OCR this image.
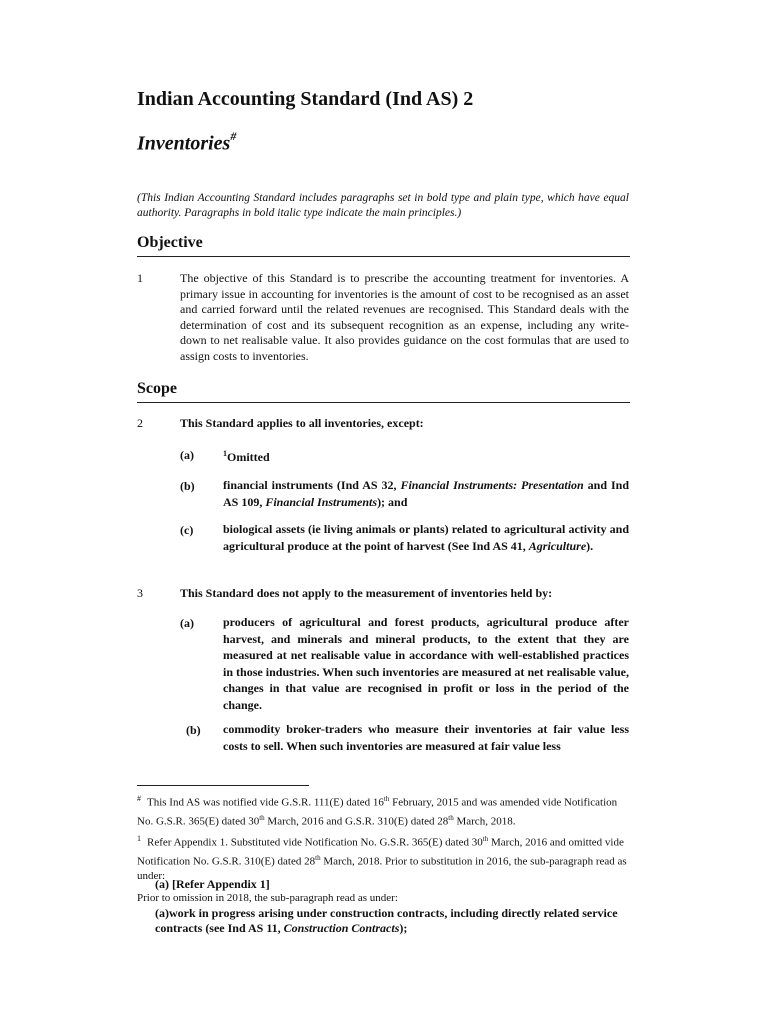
Indian Accounting Standard (Ind AS) 2
Inventories#
(This Indian Accounting Standard includes paragraphs set in bold type and plain type, which have equal authority. Paragraphs in bold italic type indicate the main principles.)
Objective
1	The objective of this Standard is to prescribe the accounting treatment for inventories. A primary issue in accounting for inventories is the amount of cost to be recognised as an asset and carried forward until the related revenues are recognised. This Standard deals with the determination of cost and its subsequent recognition as an expense, including any write-down to net realisable value. It also provides guidance on the cost formulas that are used to assign costs to inventories.
Scope
2	This Standard applies to all inventories, except:
(a)	$^1$Omitted
(b) financial instruments (Ind AS 32, Financial Instruments: Presentation and Ind AS 109, Financial Instruments); and
(c) biological assets (ie living animals or plants) related to agricultural activity and agricultural produce at the point of harvest (See Ind AS 41, Agriculture).
3	This Standard does not apply to the measurement of inventories held by:
(a) producers of agricultural and forest products, agricultural produce after harvest, and minerals and mineral products, to the extent that they are measured at net realisable value in accordance with well-established practices in those industries. When such inventories are measured at net realisable value, changes in that value are recognised in profit or loss in the period of the change.
(b) commodity broker-traders who measure their inventories at fair value less costs to sell. When such inventories are measured at fair value less
# This Ind AS was notified vide G.S.R. 111(E) dated 16th February, 2015 and was amended vide Notification No. G.S.R. 365(E) dated 30th March, 2016 and G.S.R. 310(E) dated 28th March, 2018.
$^1$ Refer Appendix 1. Substituted vide Notification No. G.S.R. 365(E) dated 30th March, 2016 and omitted vide Notification No. G.S.R. 310(E) dated 28th March, 2018. Prior to substitution in 2016, the sub-paragraph read as under:
(a) [Refer Appendix 1]
Prior to omission in 2018, the sub-paragraph read as under:
(a)work in progress arising under construction contracts, including directly related service contracts (see Ind AS 11, Construction Contracts);
